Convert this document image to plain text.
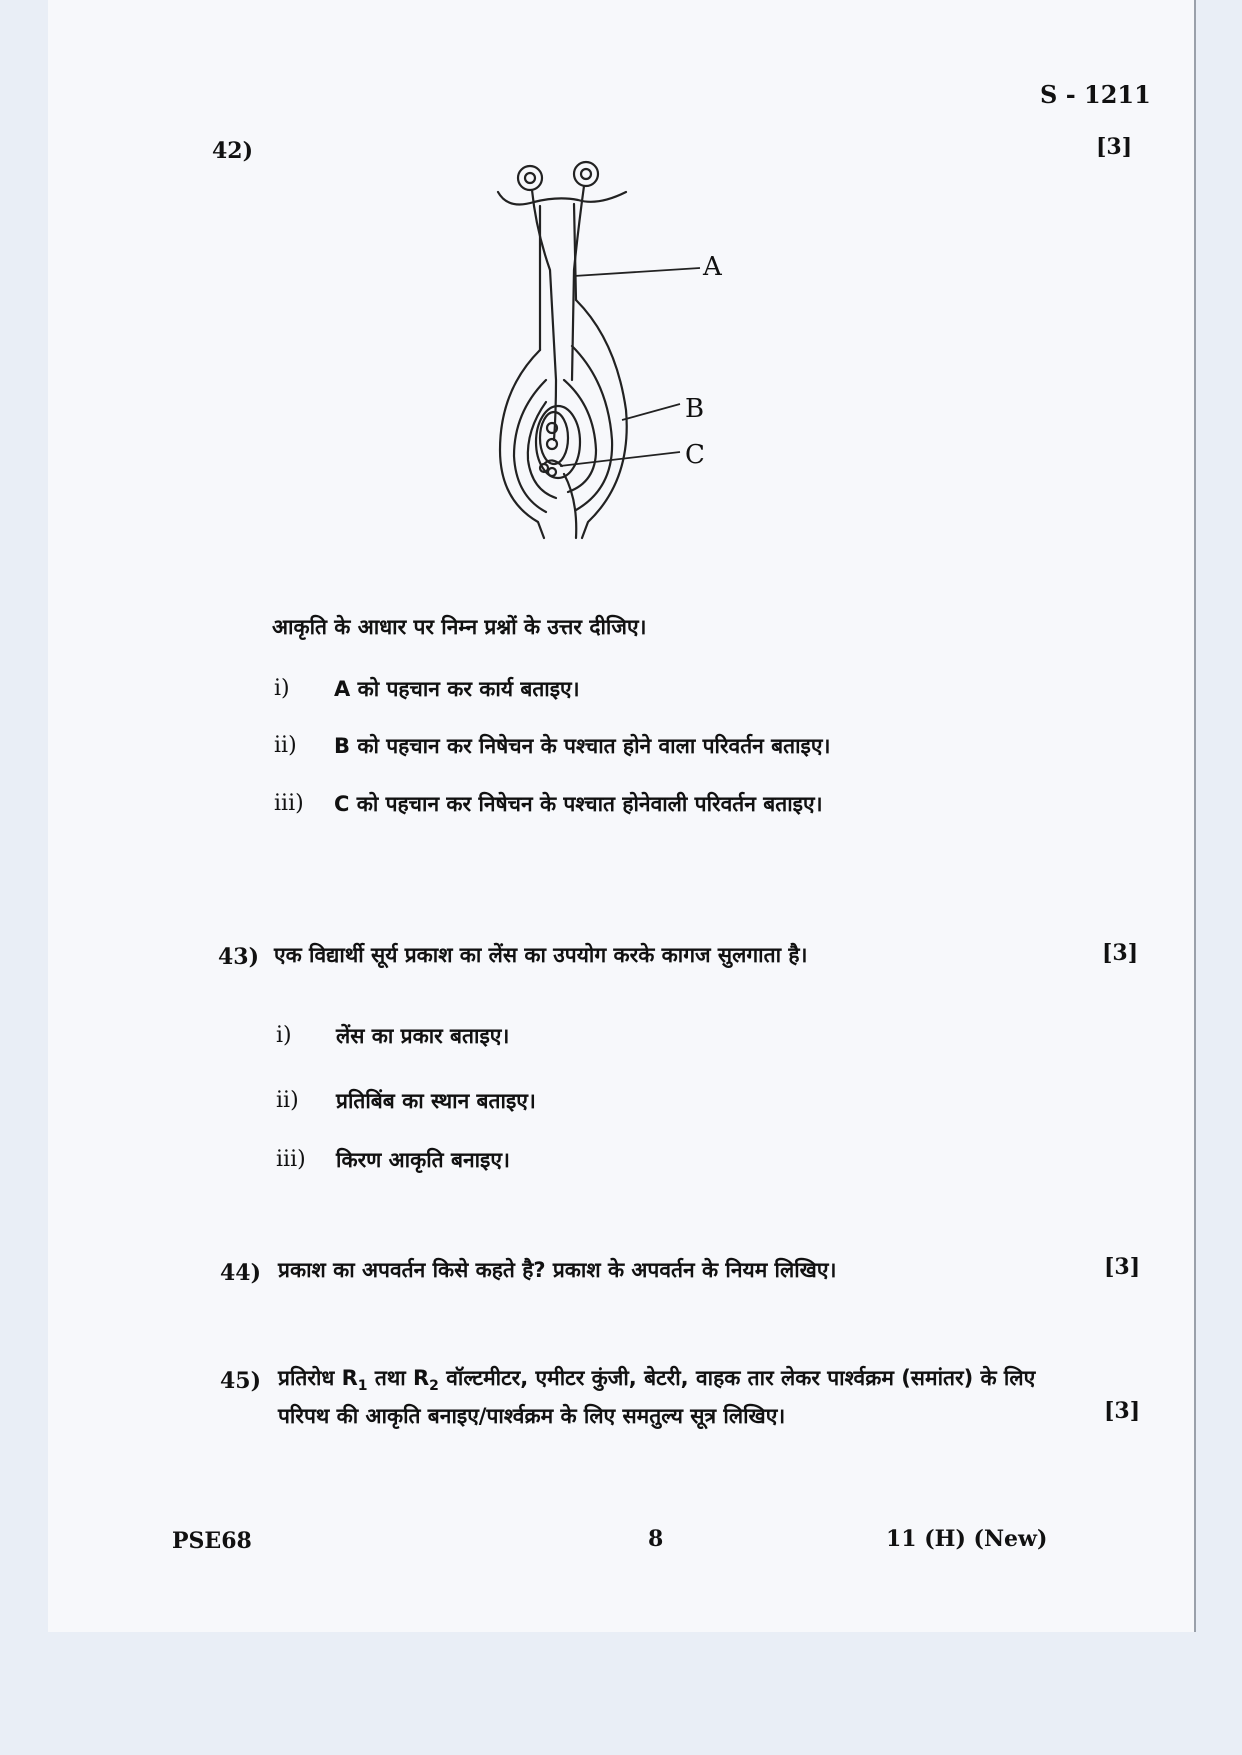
S - 1211
42)	[3]
A
B
C
आकृति के आधार पर निम्न प्रश्नों के उत्तर दीजिए।
i) A को पहचान कर कार्य बताइए।
ii) B को पहचान कर निषेचन के पश्चात होने वाला परिवर्तन बताइए।
iii) C को पहचान कर निषेचन के पश्चात होनेवाली परिवर्तन बताइए।
43) एक विद्यार्थी सूर्य प्रकाश का लेंस का उपयोग करके कागज सुलगाता है।	[3]
i) लेंस का प्रकार बताइए।
ii) प्रतिबिंब का स्थान बताइए।
iii) किरण आकृति बनाइए।
44) प्रकाश का अपवर्तन किसे कहते है? प्रकाश के अपवर्तन के नियम लिखिए।	[3]
45) प्रतिरोध $R_1$ तथा $R_2$ वॉल्टमीटर, एमीटर कुंजी, बेटरी, वाहक तार लेकर पार्श्वक्रम (समांतर) के लिए
परिपथ की आकृति बनाइए/पार्श्वक्रम के लिए समतुल्य सूत्र लिखिए।	[3]
PSE68	8	11 (H) (New)
